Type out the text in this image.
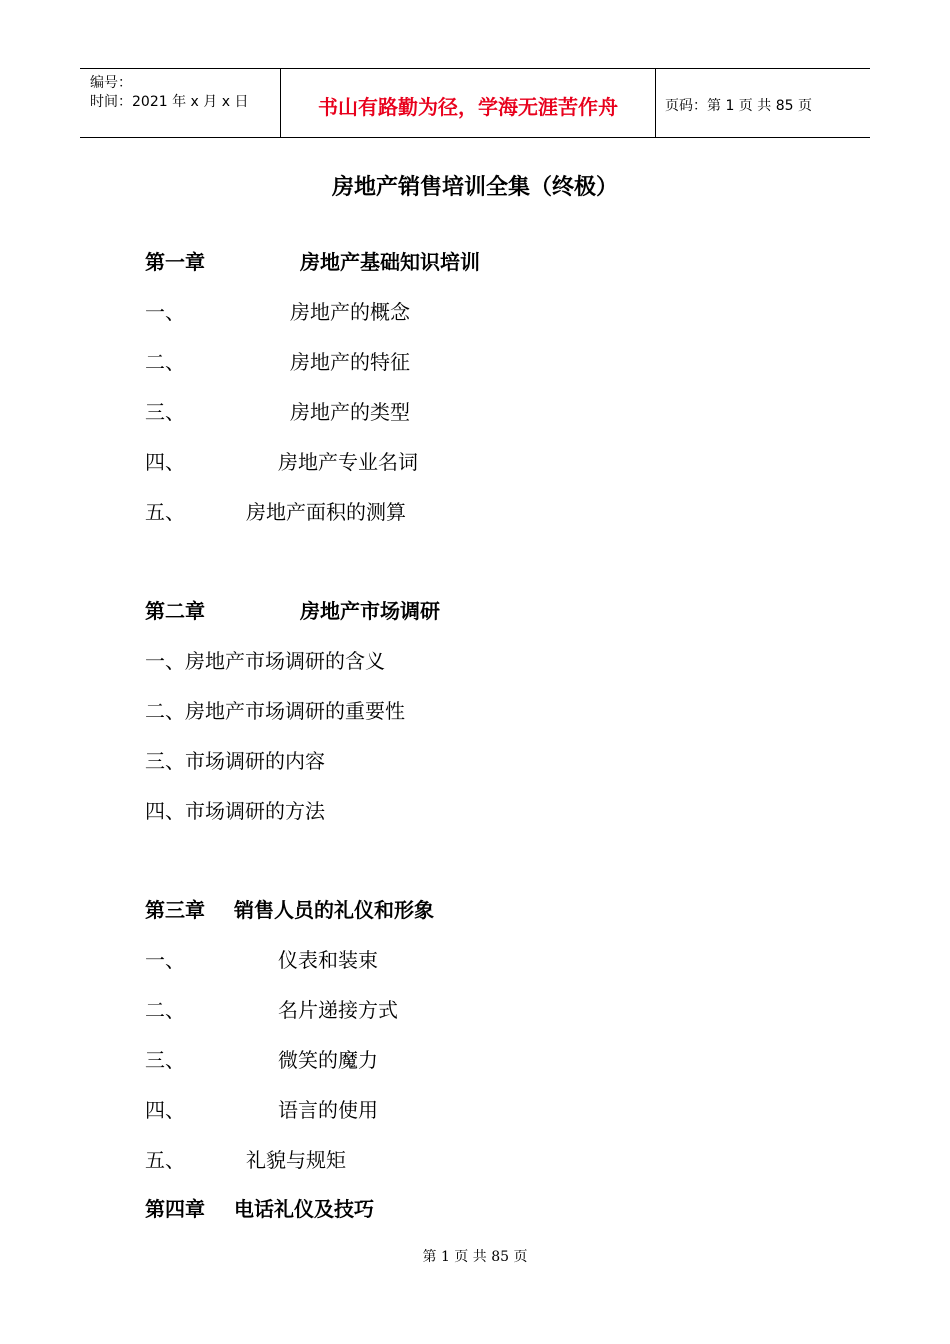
编号：
时间：2021 年 x 月 x 日	书山有路勤为径，学海无涯苦作舟	页码：第 1 页 共 85 页
房地产销售培训全集（终极）
第一章	房地产基础知识培训
一、	房地产的概念
二、	房地产的特征
三、	房地产的类型
四、	房地产专业名词
五、	房地产面积的测算
第二章	房地产市场调研
一、房地产市场调研的含义
二、房地产市场调研的重要性
三、市场调研的内容
四、市场调研的方法
第三章 销售人员的礼仪和形象
一、	仪表和装束
二、	名片递接方式
三、	微笑的魔力
四、	语言的使用
五、	礼貌与规矩
第四章 电话礼仪及技巧
第 1 页 共 85 页
